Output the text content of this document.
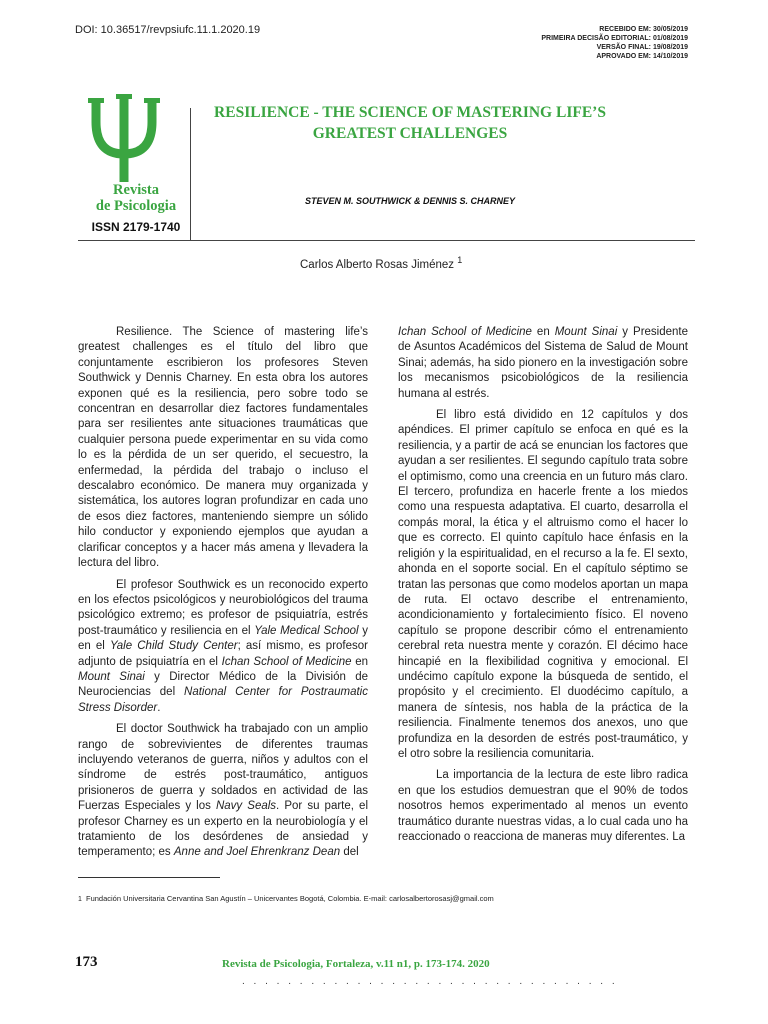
DOI: 10.36517/revpsiufc.11.1.2020.19	RECEBIDO EM: 30/05/2019
PRIMEIRA DECISÃO EDITORIAL: 01/08/2019
VERSÃO FINAL: 19/08/2019
APROVADO EM: 14/10/2019
Revista
de Psicologia
ISSN 2179-1740
RESILIENCE - THE SCIENCE OF MASTERING LIFE’S
GREATEST CHALLENGES
STEVEN M. SOUTHWICK & DENNIS S. CHARNEY
Carlos Alberto Rosas Jiménez $^1$

Resilience. The Science of mastering life’s greatest challenges es el título del libro que conjuntamente escribieron los profesores Steven Southwick y Dennis Charney. En esta obra los autores exponen qué es la resiliencia, pero sobre todo se concentran en desarrollar diez factores fundamentales para ser resilientes ante situaciones traumáticas que cualquier persona puede experimentar en su vida como lo es la pérdida de un ser querido, el secuestro, la enfermedad, la pérdida del trabajo o incluso el descalabro económico. De manera muy organizada y sistemática, los autores logran profundizar en cada uno de esos diez factores, manteniendo siempre un sólido hilo conductor y exponiendo ejemplos que ayudan a clarificar conceptos y a hacer más amena y llevadera la lectura del libro.

El profesor Southwick es un reconocido experto en los efectos psicológicos y neurobiológicos del trauma psicológico extremo; es profesor de psiquiatría, estrés post-traumático y resiliencia en el Yale Medical School y en el Yale Child Study Center; así mismo, es profesor adjunto de psiquiatría en el Ichan School of Medicine en Mount Sinai y Director Médico de la División de Neurociencias del National Center for Postraumatic Stress Disorder.

El doctor Southwick ha trabajado con un amplio rango de sobrevivientes de diferentes traumas incluyendo veteranos de guerra, niños y adultos con el síndrome de estrés post-traumático, antiguos prisioneros de guerra y soldados en actividad de las Fuerzas Especiales y los Navy Seals. Por su parte, el profesor Charney es un experto en la neurobiología y el tratamiento de los desórdenes de ansiedad y temperamento; es Anne and Joel Ehrenkranz Dean del

Ichan School of Medicine en Mount Sinai y Presidente de Asuntos Académicos del Sistema de Salud de Mount Sinai; además, ha sido pionero en la investigación sobre los mecanismos psicobiológicos de la resiliencia humana al estrés.

El libro está dividido en 12 capítulos y dos apéndices. El primer capítulo se enfoca en qué es la resiliencia, y a partir de acá se enuncian los factores que ayudan a ser resilientes. El segundo capítulo trata sobre el optimismo, como una creencia en un futuro más claro. El tercero, profundiza en hacerle frente a los miedos como una respuesta adaptativa. El cuarto, desarrolla el compás moral, la ética y el altruismo como el hacer lo que es correcto. El quinto capítulo hace énfasis en la religión y la espiritualidad, en el recurso a la fe. El sexto, ahonda en el soporte social. En el capítulo séptimo se tratan las personas que como modelos aportan un mapa de ruta. El octavo describe el entrenamiento, acondicionamiento y fortalecimiento físico. El noveno capítulo se propone describir cómo el entrenamiento cerebral reta nuestra mente y corazón. El décimo hace hincapié en la flexibilidad cognitiva y emocional. El undécimo capítulo expone la búsqueda de sentido, el propósito y el crecimiento. El duodécimo capítulo, a manera de síntesis, nos habla de la práctica de la resiliencia. Finalmente tenemos dos anexos, uno que profundiza en la desorden de estrés post-traumático, y el otro sobre la resiliencia comunitaria.

La importancia de la lectura de este libro radica en que los estudios demuestran que el 90% de todos nosotros hemos experimentado al menos un evento traumático durante nuestras vidas, a lo cual cada uno ha reaccionado o reacciona de maneras muy diferentes. La

1 Fundación Universitaria Cervantina San Agustín – Unicervantes Bogotá, Colombia. E-mail: carlosalbertorosasj@gmail.com
173	Revista de Psicologia, Fortaleza, v.11 n1, p. 173-174. 2020
. . . . . . . . . . . . . . . . . . . . . . . . . . . . . . . . .
